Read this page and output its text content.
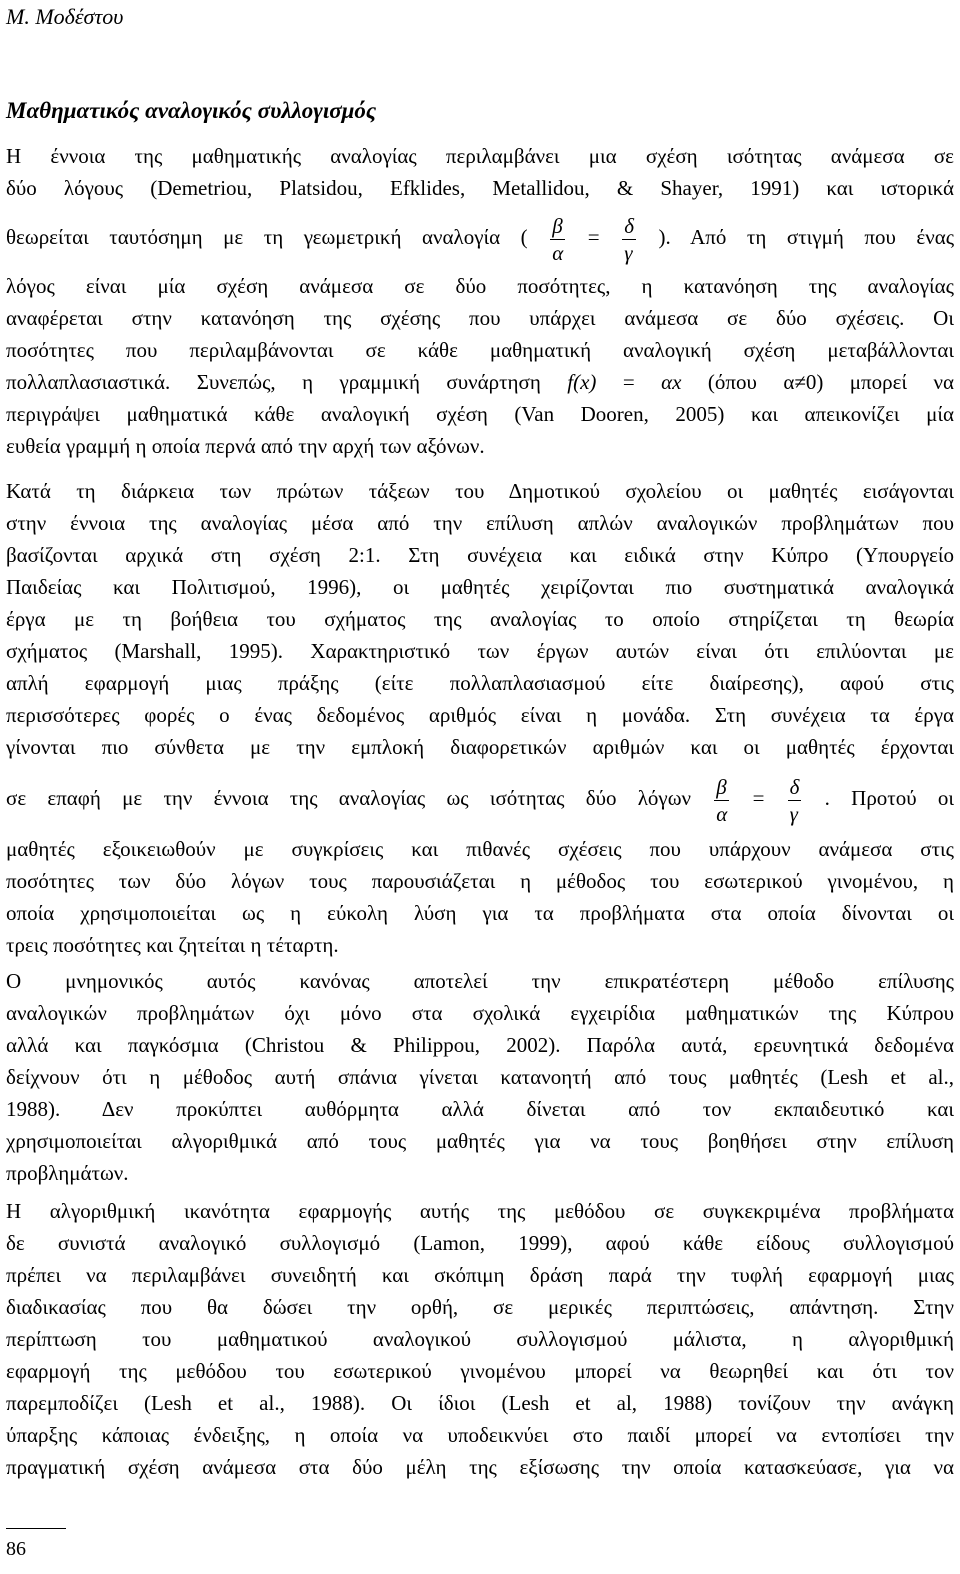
Μ. Μοδέστου
Μαθηματικός αναλογικός συλλογισμός
Η έννοια της μαθηματικής αναλογίας περιλαμβάνει μια σχέση ισότητας ανάμεσα σε
δύο λόγους (Demetriou, Platsidou, Efklides, Metallidou, & Shayer, 1991) και ιστορικά
θεωρείται ταυτόσημη με τη γεωμετρική αναλογία ( $\frac{\beta}{\alpha} = \frac{\delta}{\gamma}$ ). Από τη στιγμή που ένας
λόγος είναι μία σχέση ανάμεσα σε δύο ποσότητες, η κατανόηση της αναλογίας
αναφέρεται στην κατανόηση της σχέσης που υπάρχει ανάμεσα σε δύο σχέσεις. Οι
ποσότητες που περιλαμβάνονται σε κάθε μαθηματική αναλογική σχέση μεταβάλλονται
πολλαπλασιαστικά. Συνεπώς, η γραμμική συνάρτηση f(x) = αx (όπου α≠0) μπορεί να
περιγράψει μαθηματικά κάθε αναλογική σχέση (Van Dooren, 2005) και απεικονίζει μία
ευθεία γραμμή η οποία περνά από την αρχή των αξόνων.
Κατά τη διάρκεια των πρώτων τάξεων του Δημοτικού σχολείου οι μαθητές εισάγονται
στην έννοια της αναλογίας μέσα από την επίλυση απλών αναλογικών προβλημάτων που
βασίζονται αρχικά στη σχέση 2:1. Στη συνέχεια και ειδικά στην Κύπρο (Υπουργείο
Παιδείας και Πολιτισμού, 1996), οι μαθητές χειρίζονται πιο συστηματικά αναλογικά
έργα με τη βοήθεια του σχήματος της αναλογίας το οποίο στηρίζεται τη θεωρία
σχήματος (Marshall, 1995). Χαρακτηριστικό των έργων αυτών είναι ότι επιλύονται με
απλή εφαρμογή μιας πράξης (είτε πολλαπλασιασμού είτε διαίρεσης), αφού στις
περισσότερες φορές ο ένας δεδομένος αριθμός είναι η μονάδα. Στη συνέχεια τα έργα
γίνονται πιο σύνθετα με την εμπλοκή διαφορετικών αριθμών και οι μαθητές έρχονται
σε επαφή με την έννοια της αναλογίας ως ισότητας δύο λόγων $\frac{\beta}{\alpha} = \frac{\delta}{\gamma}$ . Προτού οι
μαθητές εξοικειωθούν με συγκρίσεις και πιθανές σχέσεις που υπάρχουν ανάμεσα στις
ποσότητες των δύο λόγων τους παρουσιάζεται η μέθοδος του εσωτερικού γινομένου, η
οποία χρησιμοποιείται ως η εύκολη λύση για τα προβλήματα στα οποία δίνονται οι
τρεις ποσότητες και ζητείται η τέταρτη.
Ο μνημονικός αυτός κανόνας αποτελεί την επικρατέστερη μέθοδο επίλυσης
αναλογικών προβλημάτων όχι μόνο στα σχολικά εγχειρίδια μαθηματικών της Κύπρου
αλλά και παγκόσμια (Christou & Philippou, 2002). Παρόλα αυτά, ερευνητικά δεδομένα
δείχνουν ότι η μέθοδος αυτή σπάνια γίνεται κατανοητή από τους μαθητές (Lesh et al.,
1988). Δεν προκύπτει αυθόρμητα αλλά δίνεται από τον εκπαιδευτικό και
χρησιμοποιείται αλγοριθμικά από τους μαθητές για να τους βοηθήσει στην επίλυση
προβλημάτων.
Η αλγοριθμική ικανότητα εφαρμογής αυτής της μεθόδου σε συγκεκριμένα προβλήματα
δε συνιστά αναλογικό συλλογισμό (Lamon, 1999), αφού κάθε είδους συλλογισμού
πρέπει να περιλαμβάνει συνειδητή και σκόπιμη δράση παρά την τυφλή εφαρμογή μιας
διαδικασίας που θα δώσει την ορθή, σε μερικές περιπτώσεις, απάντηση. Στην
περίπτωση του μαθηματικού αναλογικού συλλογισμού μάλιστα, η αλγοριθμική
εφαρμογή της μεθόδου του εσωτερικού γινομένου μπορεί να θεωρηθεί και ότι τον
παρεμποδίζει (Lesh et al., 1988). Οι ίδιοι (Lesh et al, 1988) τονίζουν την ανάγκη
ύπαρξης κάποιας ένδειξης, η οποία να υποδεικνύει στο παιδί μπορεί να εντοπίσει την
πραγματική σχέση ανάμεσα στα δύο μέλη της εξίσωσης την οποία κατασκεύασε, για να
86
